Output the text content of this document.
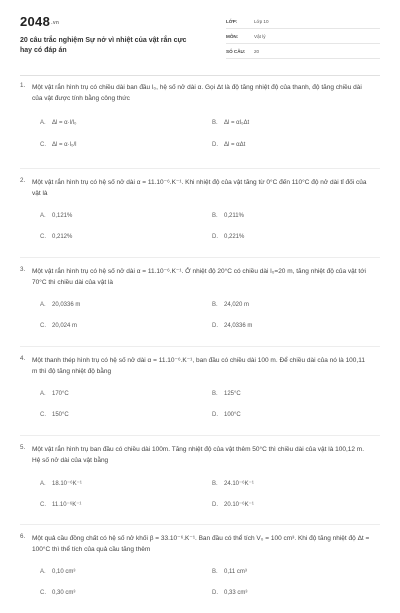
2048.vn
20 câu trắc nghiệm Sự nở vì nhiệt của vật rắn cực hay có đáp án
LỚP:	Lớp 10
MÔN:	Vật lý
SỐ CÂU:	20
1. Một vật rắn hình trụ có chiều dài ban đầu l₀, hệ số nở dài α. Gọi Δt là độ tăng nhiệt độ của thanh, độ tăng chiều dài của vật được tính bằng công thức
A. Δl = α·l/l₀	B. Δl = αl₀Δt
C. Δl = α·l₀/l	D. Δl = αΔt
2. Một vật rắn hình trụ có hệ số nở dài α = 11.10⁻⁶.K⁻¹. Khi nhiệt độ của vật tăng từ 0°C đến 110°C độ nở dài tỉ đối của vật là
A. 0,121%	B. 0,211%
C. 0,212%	D. 0,221%
3. Một vật rắn hình trụ có hệ số nở dài α = 11.10⁻⁶.K⁻¹. Ở nhiệt độ 20°C có chiều dài l₀=20 m, tăng nhiệt độ của vật tới 70°C thì chiều dài của vật là
A. 20,0336 m	B. 24,020 m
C. 20,024 m	D. 24,0336 m
4. Một thanh thép hình trụ có hệ số nở dài α = 11.10⁻⁶.K⁻¹, ban đầu có chiều dài 100 m. Để chiều dài của nó là 100,11 m thì độ tăng nhiệt độ bằng
A. 170°C	B. 125°C
C. 150°C	D. 100°C
5. Một vật rắn hình trụ ban đầu có chiều dài 100m. Tăng nhiệt độ của vật thêm 50°C thì chiều dài của vật là 100,12 m. Hệ số nở dài của vật bằng
A. 18.10⁻⁶K⁻¹	B. 24.10⁻⁶K⁻¹
C. 11.10⁻⁶K⁻¹	D. 20.10⁻⁶K⁻¹
6. Một quả cầu đồng chất có hệ số nở khối β = 33.10⁻⁶.K⁻¹. Ban đầu có thể tích V₀ = 100 cm³. Khi độ tăng nhiệt độ Δt = 100°C thì thể tích của quả cầu tăng thêm
A. 0,10 cm³	B. 0,11 cm³
C. 0,30 cm³	D. 0,33 cm³
